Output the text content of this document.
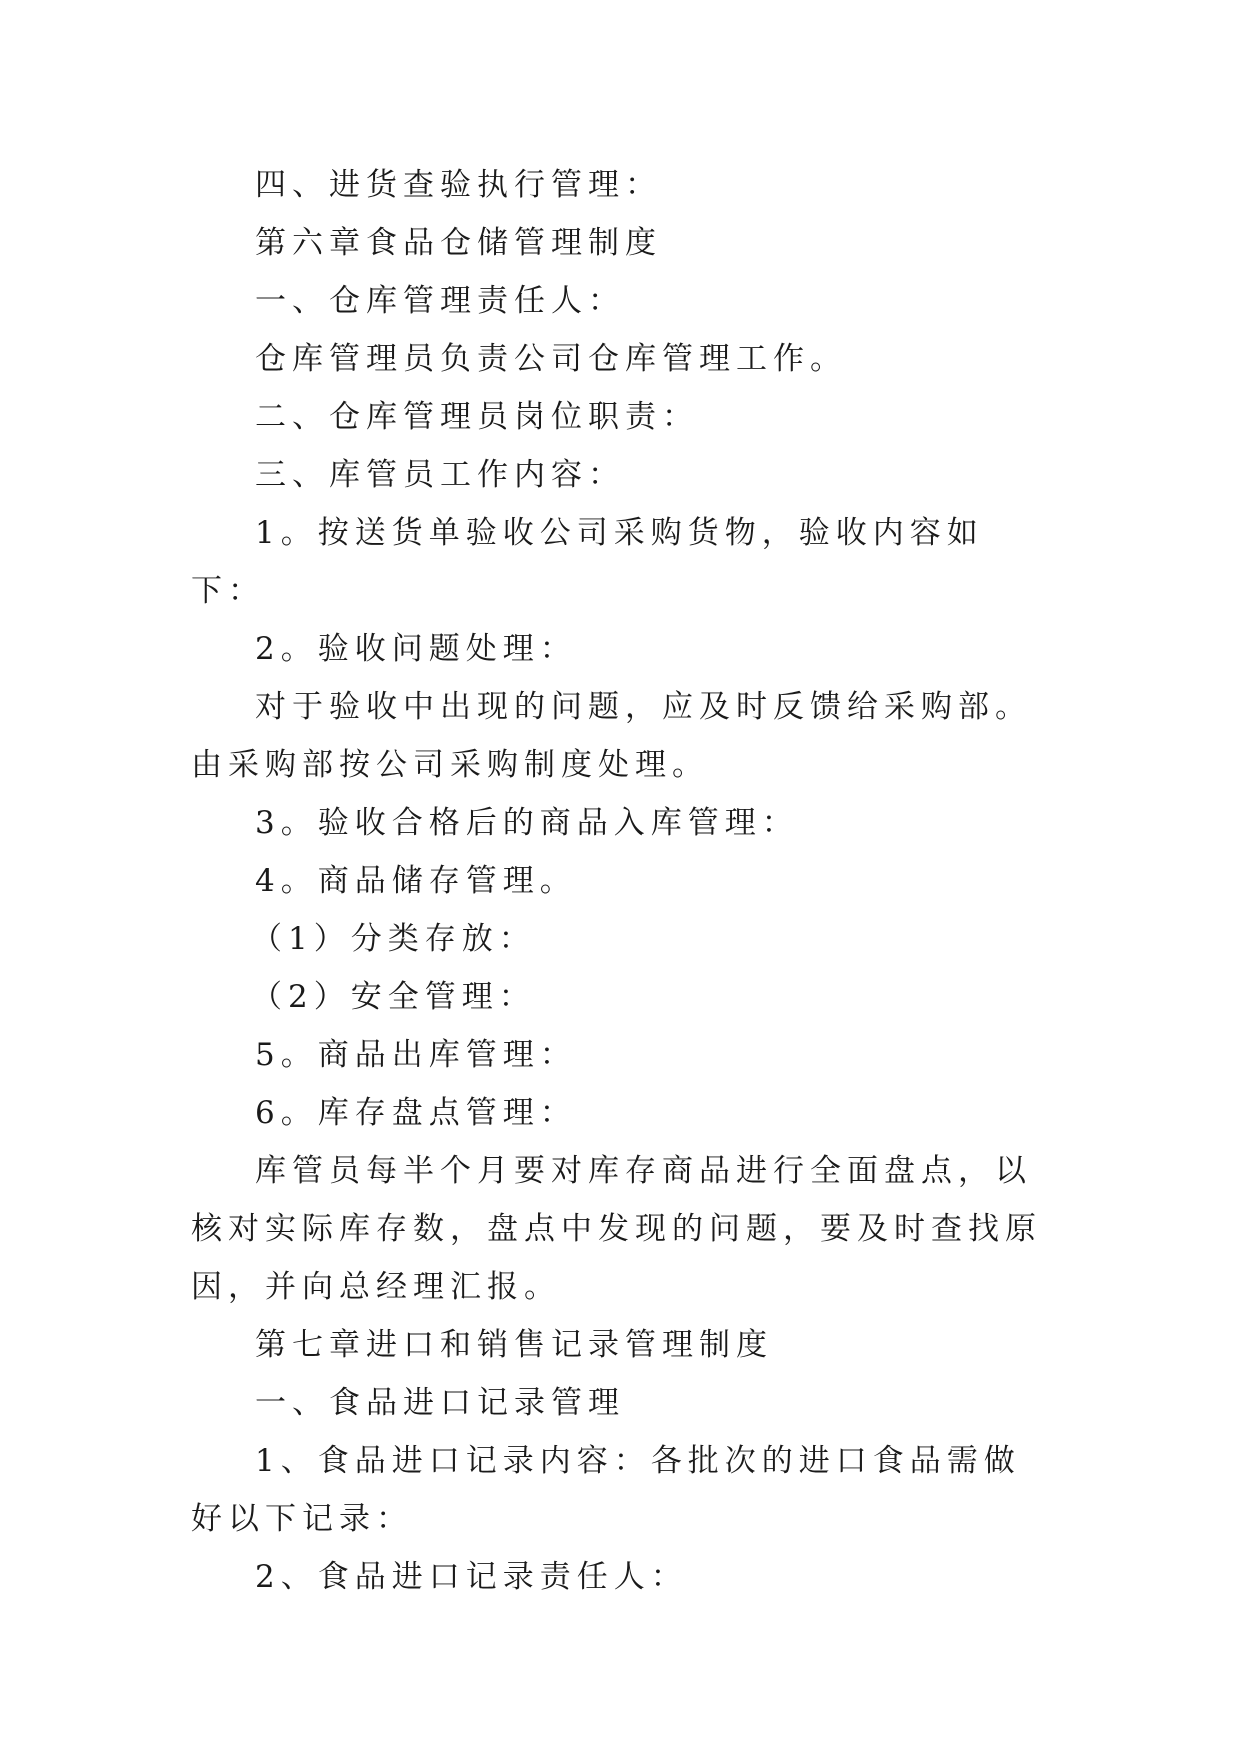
四、进货查验执行管理：

第六章食品仓储管理制度

一、仓库管理责任人：

仓库管理员负责公司仓库管理工作。

二、仓库管理员岗位职责：

三、库管员工作内容：

1。按送货单验收公司采购货物，验收内容如下：

2。验收问题处理：

对于验收中出现的问题，应及时反馈给采购部。由采购部按公司采购制度处理。

3。验收合格后的商品入库管理：

4。商品储存管理。

（1）分类存放：

（2）安全管理：

5。商品出库管理：

6。库存盘点管理：

库管员每半个月要对库存商品进行全面盘点，以核对实际库存数，盘点中发现的问题，要及时查找原因，并向总经理汇报。

第七章进口和销售记录管理制度

一、食品进口记录管理

1、食品进口记录内容：各批次的进口食品需做好以下记录：

2、食品进口记录责任人：
